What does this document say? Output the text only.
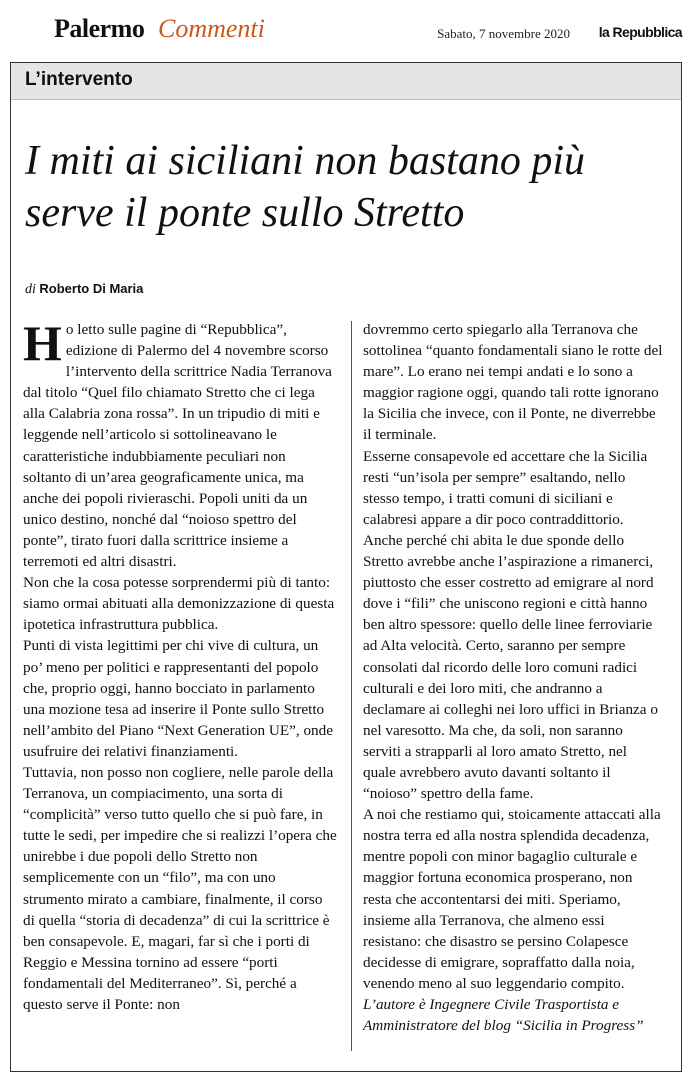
Palermo Commenti	Sabato, 7 novembre 2020 la Repubblica
L’intervento
I miti ai siciliani non bastano più
serve il ponte sullo Stretto
di Roberto Di Maria

Ho letto sulle pagine di “Repubblica”, edizione di Palermo del 4 novembre scorso l’intervento della scrittrice Nadia Terranova dal titolo “Quel filo chiamato Stretto che ci lega alla Calabria zona rossa”. In un tripudio di miti e leggende nell’articolo si sottolineavano le caratteristiche indubbiamente peculiari non soltanto di un’area geograficamente unica, ma anche dei popoli rivieraschi. Popoli uniti da un unico destino, nonché dal “noioso spettro del ponte”, tirato fuori dalla scrittrice insieme a terremoti ed altri disastri.

Non che la cosa potesse sorprendermi più di tanto: siamo ormai abituati alla demonizzazione di questa ipotetica infrastruttura pubblica.

Punti di vista legittimi per chi vive di cultura, un po’ meno per politici e rappresentanti del popolo che, proprio oggi, hanno bocciato in parlamento una mozione tesa ad inserire il Ponte sullo Stretto nell’ambito del Piano “Next Generation UE”, onde usufruire dei relativi finanziamenti.

Tuttavia, non posso non cogliere, nelle parole della Terranova, un compiacimento, una sorta di “complicità” verso tutto quello che si può fare, in tutte le sedi, per impedire che si realizzi l’opera che unirebbe i due popoli dello Stretto non semplicemente con un “filo”, ma con uno strumento mirato a cambiare, finalmente, il corso di quella “storia di decadenza” di cui la scrittrice è ben consapevole. E, magari, far sì che i porti di Reggio e Messina tornino ad essere “porti fondamentali del Mediterraneo”. Sì, perché a questo serve il Ponte: non

dovremmo certo spiegarlo alla Terranova che sottolinea “quanto fondamentali siano le rotte del mare”. Lo erano nei tempi andati e lo sono a maggior ragione oggi, quando tali rotte ignorano la Sicilia che invece, con il Ponte, ne diverrebbe il terminale.

Esserne consapevole ed accettare che la Sicilia resti “un’isola per sempre” esaltando, nello stesso tempo, i tratti comuni di siciliani e calabresi appare a dir poco contraddittorio. Anche perché chi abita le due sponde dello Stretto avrebbe anche l’aspirazione a rimanerci, piuttosto che esser costretto ad emigrare al nord dove i “fili” che uniscono regioni e città hanno ben altro spessore: quello delle linee ferroviarie ad Alta velocità. Certo, saranno per sempre consolati dal ricordo delle loro comuni radici culturali e dei loro miti, che andranno a declamare ai colleghi nei loro uffici in Brianza o nel varesotto. Ma che, da soli, non saranno serviti a strapparli al loro amato Stretto, nel quale avrebbero avuto davanti soltanto il “noioso” spettro della fame.

A noi che restiamo qui, stoicamente attaccati alla nostra terra ed alla nostra splendida decadenza, mentre popoli con minor bagaglio culturale e maggior fortuna economica prosperano, non resta che accontentarsi dei miti. Speriamo, insieme alla Terranova, che almeno essi resistano: che disastro se persino Colapesce decidesse di emigrare, sopraffatto dalla noia, venendo meno al suo leggendario compito.

L’autore è Ingegnere Civile Trasportista e Amministratore del blog “Sicilia in Progress”
